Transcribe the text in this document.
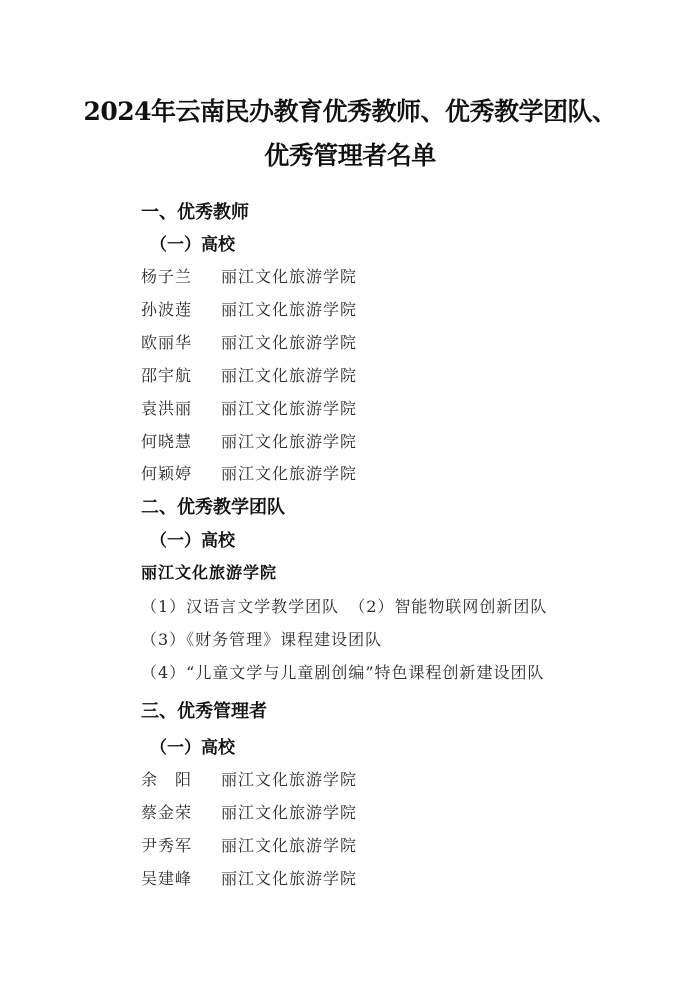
2024年云南民办教育优秀教师、优秀教学团队、
优秀管理者名单
一、优秀教师
（一）高校
杨子兰 丽江文化旅游学院
孙波莲 丽江文化旅游学院
欧丽华 丽江文化旅游学院
邵宇航 丽江文化旅游学院
袁洪丽 丽江文化旅游学院
何晓慧 丽江文化旅游学院
何颖婷 丽江文化旅游学院
二、优秀教学团队
（一）高校
丽江文化旅游学院
（1）汉语言文学教学团队 （2）智能物联网创新团队
（3）《财务管理》课程建设团队
（4）“儿童文学与儿童剧创编”特色课程创新建设团队
三、优秀管理者
（一）高校
余　阳 丽江文化旅游学院
蔡金荣 丽江文化旅游学院
尹秀军 丽江文化旅游学院
吴建峰 丽江文化旅游学院
